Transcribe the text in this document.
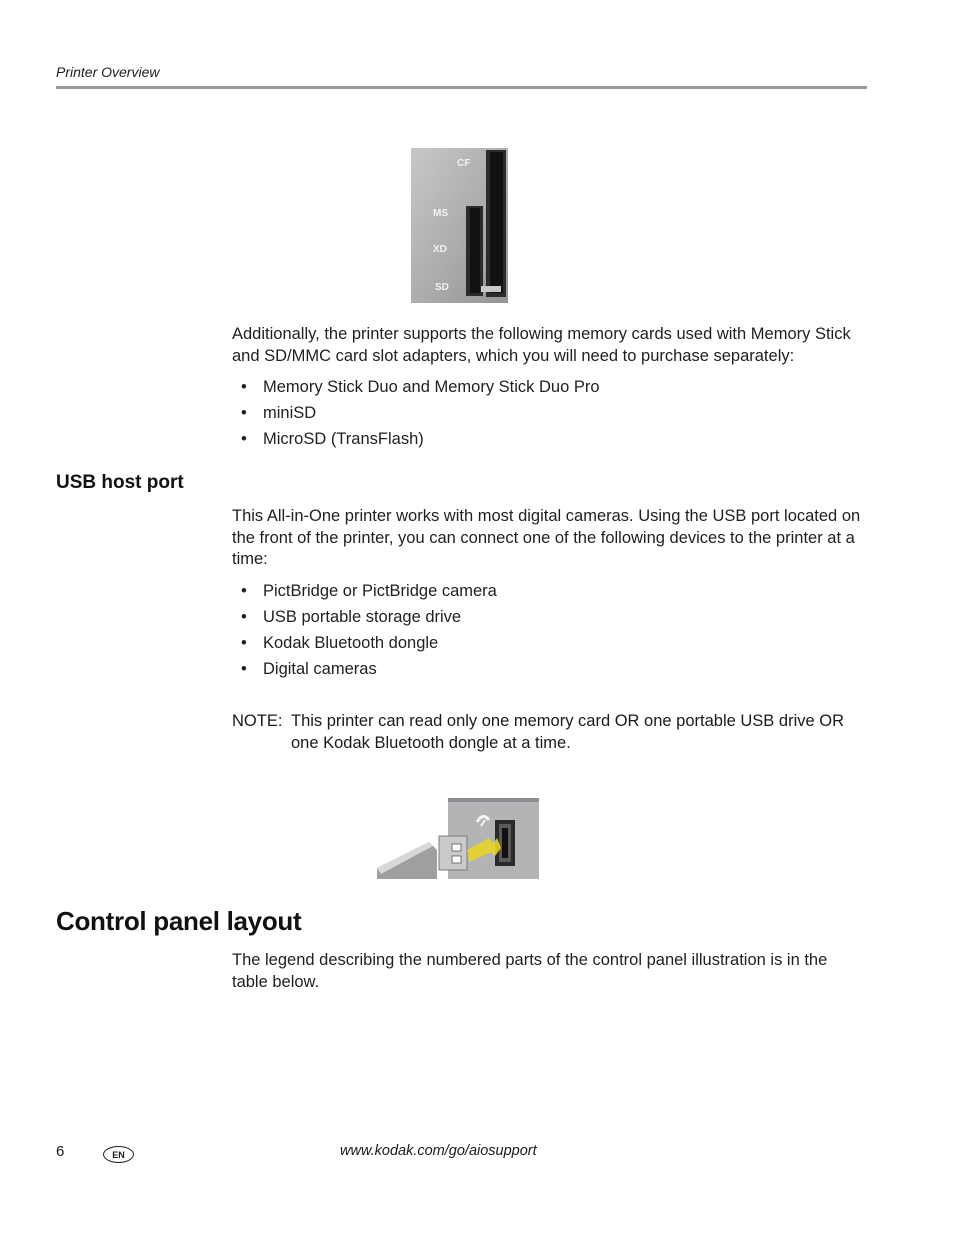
Printer Overview
CF
MS
XD
SD
Additionally, the printer supports the following memory cards used with Memory Stick and SD/MMC card slot adapters, which you will need to purchase separately:
• Memory Stick Duo and Memory Stick Duo Pro
• miniSD
• MicroSD (TransFlash)
USB host port
This All-in-One printer works with most digital cameras. Using the USB port located on the front of the printer, you can connect one of the following devices to the printer at a time:
• PictBridge or PictBridge camera
• USB portable storage drive
• Kodak Bluetooth dongle
• Digital cameras
NOTE: This printer can read only one memory card OR one portable USB drive OR one Kodak Bluetooth dongle at a time.
Control panel layout
The legend describing the numbered parts of the control panel illustration is in the table below.
6	EN	www.kodak.com/go/aiosupport
